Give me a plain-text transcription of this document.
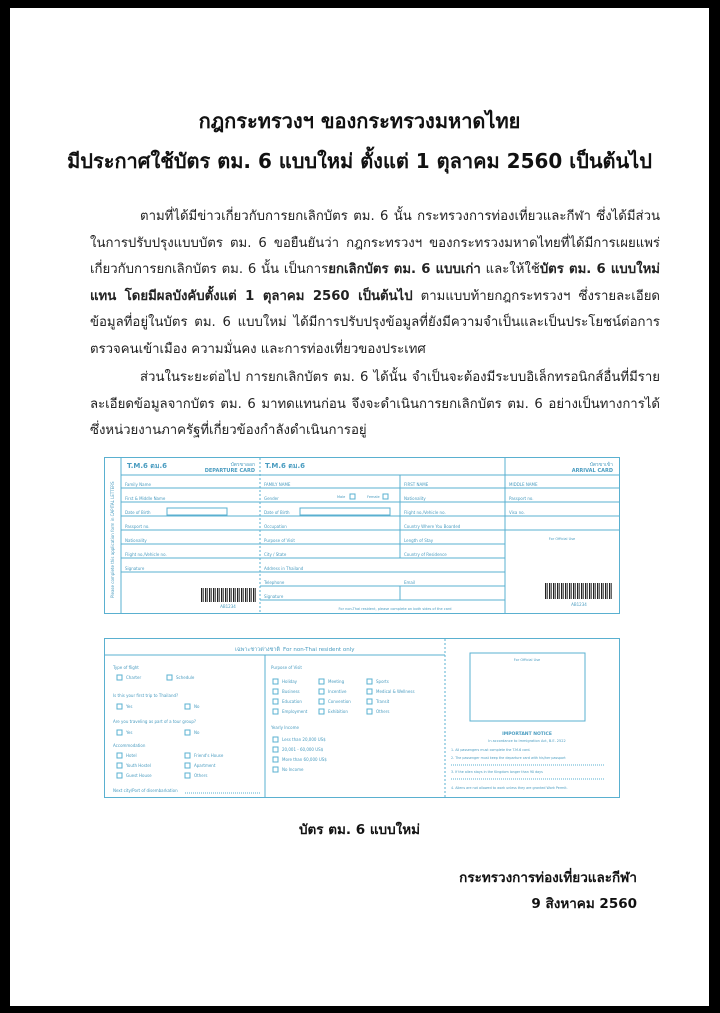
กฎกระทรวงฯ ของกระทรวงมหาดไทย
มีประกาศใช้บัตร ตม. 6 แบบใหม่ ตั้งแต่ 1 ตุลาคม 2560 เป็นต้นไป
ตามที่ได้มีข่าวเกี่ยวกับการยกเลิกบัตร ตม. 6 นั้น กระทรวงการท่องเที่ยวและกีฬา ซึ่งได้มีส่วนในการปรับปรุงแบบบัตร ตม. 6 ขอยืนยันว่า กฎกระทรวงฯ ของกระทรวงมหาดไทยที่ได้มีการเผยแพร่เกี่ยวกับการยกเลิกบัตร ตม. 6 นั้น เป็นการยกเลิกบัตร ตม. 6 แบบเก่า และให้ใช้บัตร ตม. 6 แบบใหม่ แทน โดยมีผลบังคับตั้งแต่ 1 ตุลาคม 2560 เป็นต้นไป ตามแบบท้ายกฎกระทรวงฯ ซึ่งรายละเอียดข้อมูลที่อยู่ในบัตร ตม. 6 แบบใหม่ ได้มีการปรับปรุงข้อมูลที่ยังมีความจำเป็นและเป็นประโยชน์ต่อการตรวจคนเข้าเมือง ความมั่นคง และการท่องเที่ยวของประเทศ
ส่วนในระยะต่อไป การยกเลิกบัตร ตม. 6 ได้นั้น จำเป็นจะต้องมีระบบอิเล็กทรอนิกส์อื่นที่มีรายละเอียดข้อมูลจากบัตร ตม. 6 มาทดแทนก่อน จึงจะดำเนินการยกเลิกบัตร ตม. 6 อย่างเป็นทางการได้ ซึ่งหน่วยงานภาครัฐที่เกี่ยวข้องกำลังดำเนินการอยู่
Please complete this application form in CAPITAL LETTERS
T.M.6 ตม.6	บัตรขาออก
DEPARTURE CARD
T.M.6 ตม.6	บัตรขาเข้า
ARRIVAL CARD
Family Name
First & Middle Name
Date of Birth
Passport no.
Nationality
Flight no./Vehicle no.
Signature
AB1234
FAMILY NAME	FIRST NAME
Gender	Male	Female	Nationality
Date of Birth	Flight no./Vehicle no.
Occupation	Country Where You Boarded
Purpose of Visit	Length of Stay
City / State	Country of Residence
Address in Thailand
Telephone	Email
Signature
For non-Thai resident, please complete on both sides of the card
MIDDLE NAME
Passport no.
Visa no.
For Official Use
AB1234
เฉพาะชาวต่างชาติ For non-Thai resident only
Type of flight
Charter	Schedule
Is this your first trip to Thailand?
Yes	No
Are you traveling as part of a tour group?
Yes	No
Accommodation
Hotel	Friend's House
Youth Hostel	Apartment
Guest House	Others
Next city/Port of disembarkation
Purpose of Visit
Holiday	Meeting	Sports
Business	Incentive	Medical & Wellness
Education	Convention	Transit
Employment	Exhibition	Others
Yearly Income
Less than 20,000 US$
20,001 - 60,000 US$
More than 60,000 US$
No Income
For Official Use
IMPORTANT NOTICE
In accordance to Immigration Act, B.E. 2522
1. All passengers must complete the T.M.6 card.
2. The passenger must keep the departure card with his/her passport
3. If the alien stays in the Kingdom longer than 90 days
4. Aliens are not allowed to work unless they are granted Work Permit.
บัตร ตม. 6 แบบใหม่
กระทรวงการท่องเที่ยวและกีฬา
9 สิงหาคม 2560
